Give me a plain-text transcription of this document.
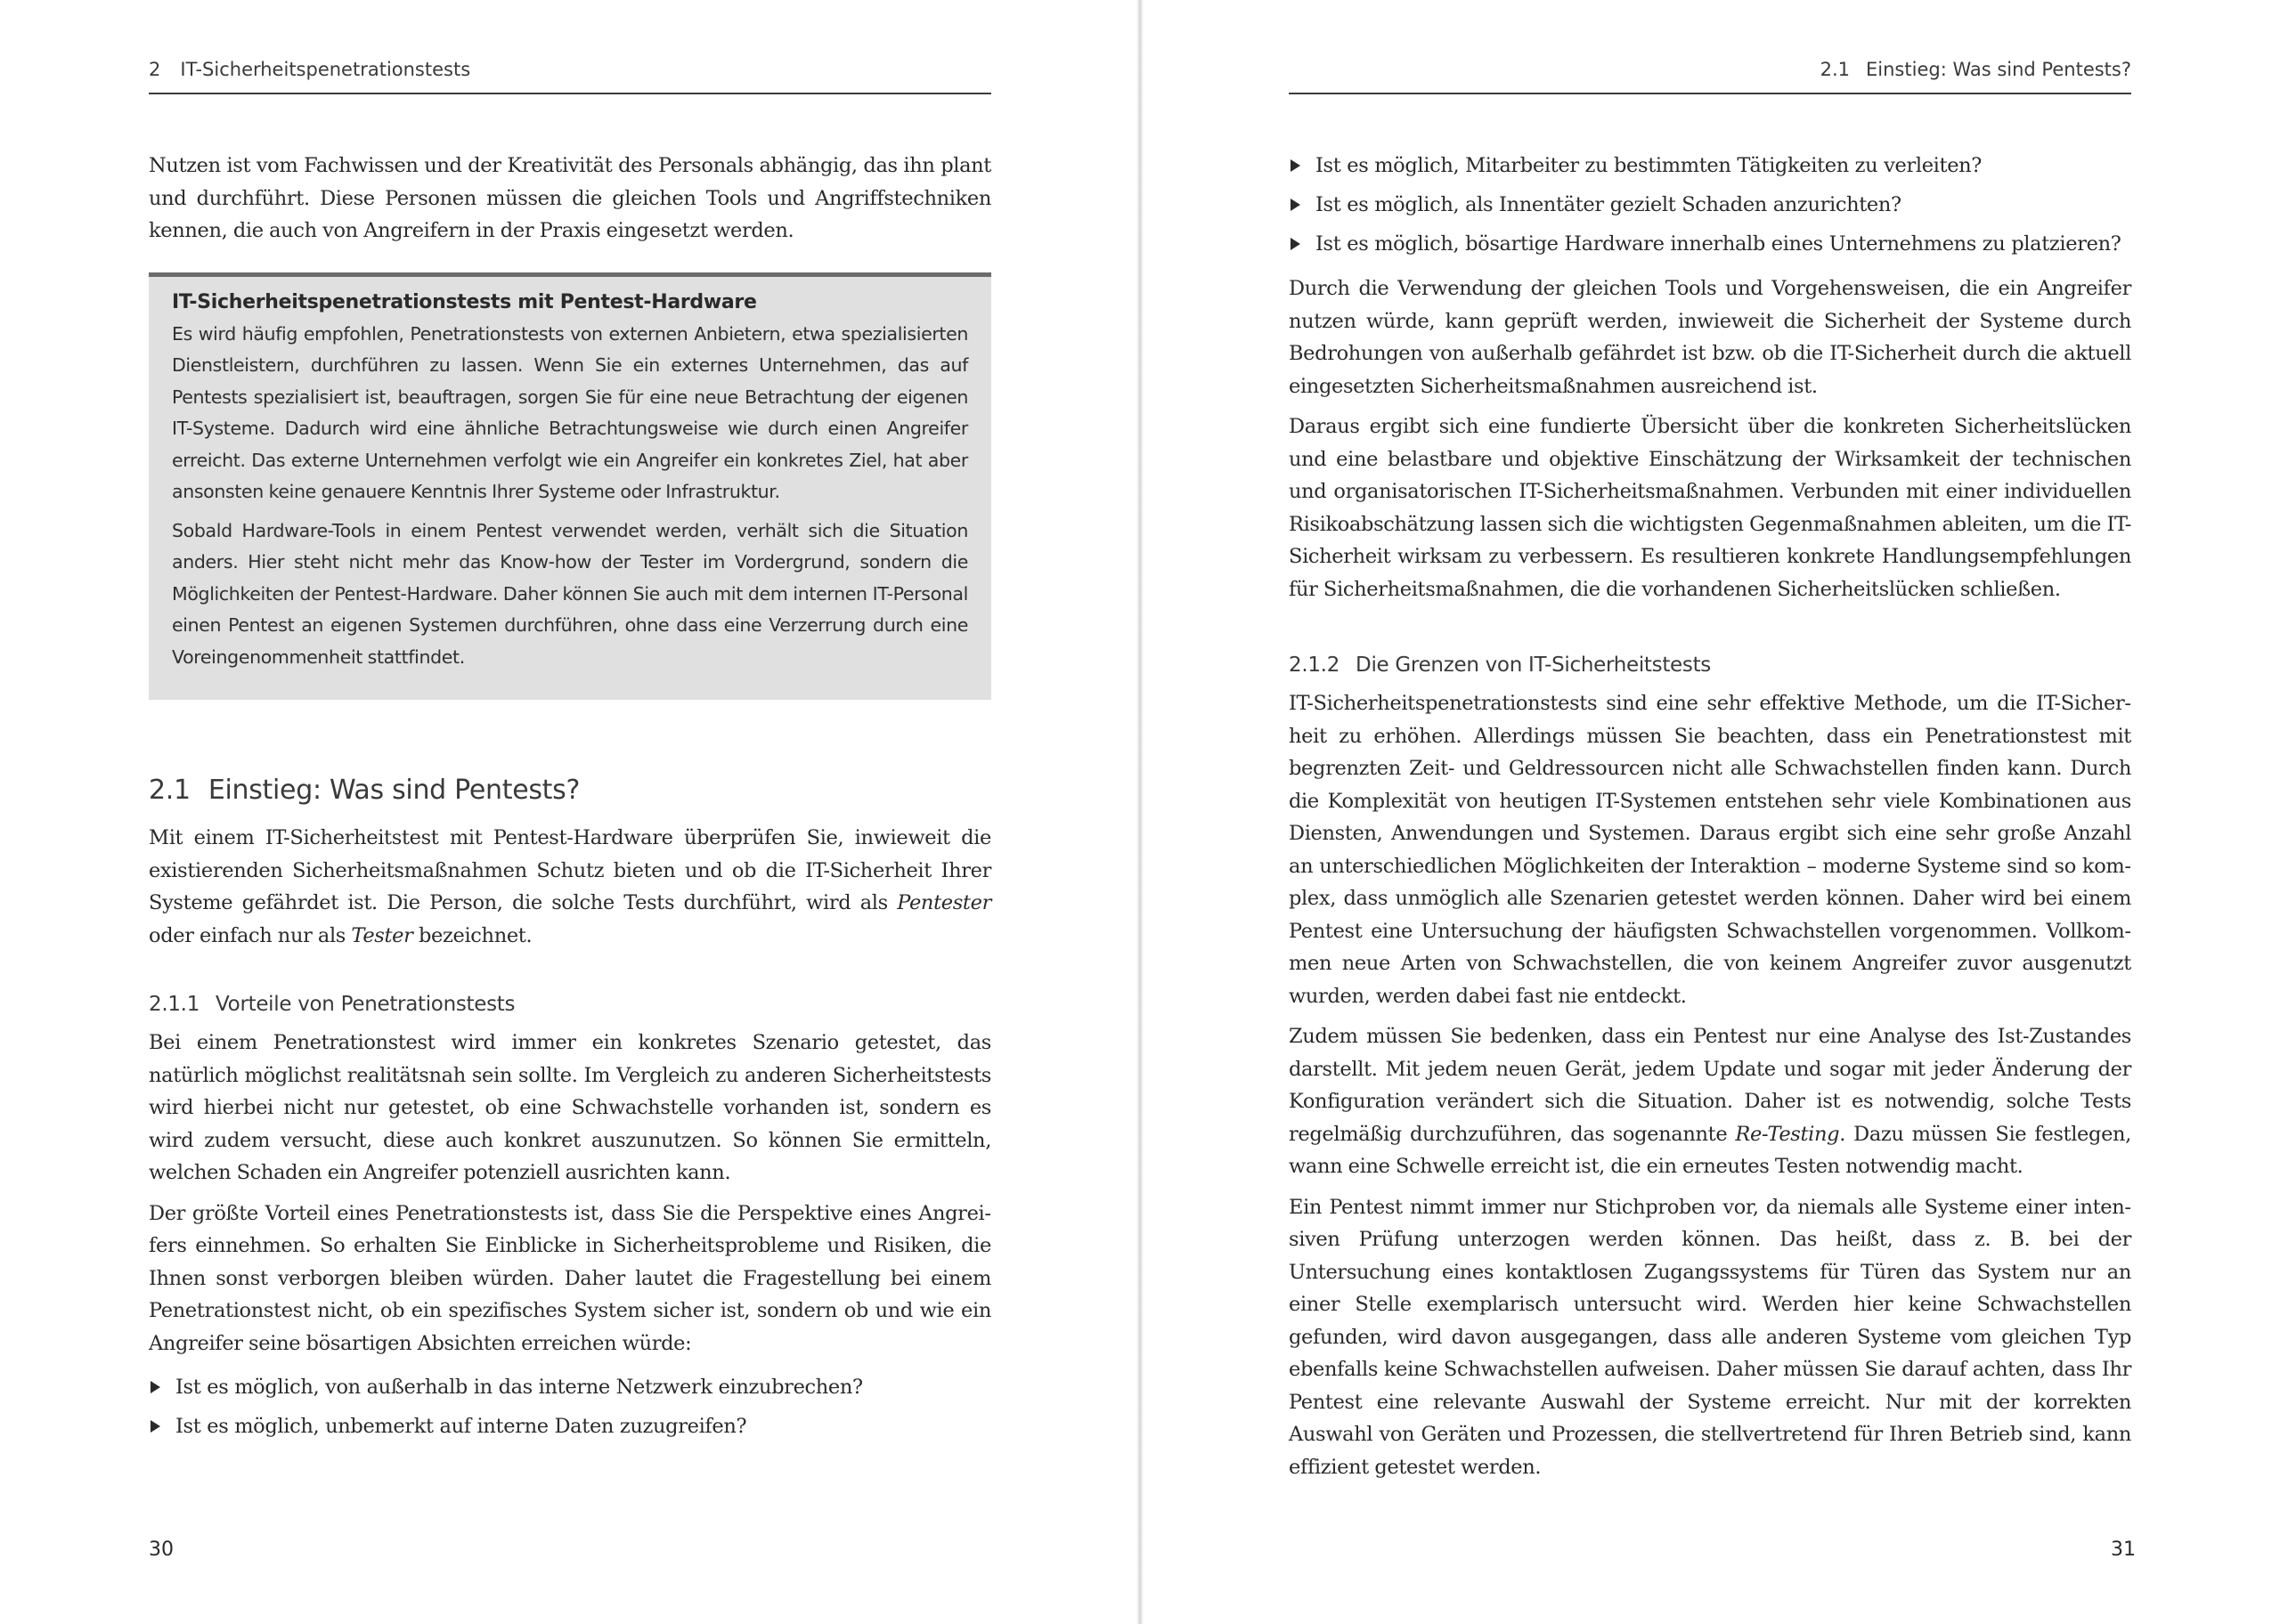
2 IT-Sicherheitspenetrationstests

Nutzen ist vom Fachwissen und der Kreativität des Personals abhängig, das ihn plant und durchführt. Diese Personen müssen die gleichen Tools und Angriffstechniken kennen, die auch von Angreifern in der Praxis eingesetzt werden.

IT-Sicherheitspenetrationstests mit Pentest-Hardware

Es wird häufig empfohlen, Penetrationstests von externen Anbietern, etwa spezialisierten Dienstleistern, durchführen zu lassen. Wenn Sie ein externes Unternehmen, das auf Pentests spezialisiert ist, beauftragen, sorgen Sie für eine neue Betrachtung der eigenen IT-Systeme. Dadurch wird eine ähnliche Betrachtungsweise wie durch einen Angreifer erreicht. Das externe Unternehmen verfolgt wie ein Angreifer ein konkretes Ziel, hat aber ansonsten keine genauere Kenntnis Ihrer Systeme oder Infrastruktur.

Sobald Hardware-Tools in einem Pentest verwendet werden, verhält sich die Situation anders. Hier steht nicht mehr das Know-how der Tester im Vordergrund, sondern die Möglichkeiten der Pentest-Hardware. Daher können Sie auch mit dem internen IT-Personal einen Pentest an eigenen Systemen durchführen, ohne dass eine Verzerrung durch eine Voreingenommenheit stattfindet.

2.1 Einstieg: Was sind Pentests?

Mit einem IT-Sicherheitstest mit Pentest-Hardware überprüfen Sie, inwieweit die existierenden Sicherheitsmaßnahmen Schutz bieten und ob die IT-Sicherheit Ihrer Systeme gefährdet ist. Die Person, die solche Tests durchführt, wird als Pentester oder einfach nur als Tester bezeichnet.

2.1.1 Vorteile von Penetrationstests

Bei einem Penetrationstest wird immer ein konkretes Szenario getestet, das natürlich möglichst realitätsnah sein sollte. Im Vergleich zu anderen Sicherheitstests wird hierbei nicht nur getestet, ob eine Schwachstelle vorhanden ist, sondern es wird zudem versucht, diese auch konkret auszunutzen. So können Sie ermitteln, welchen Schaden ein Angreifer potenziell ausrichten kann.

Der größte Vorteil eines Penetrationstests ist, dass Sie die Perspektive eines Angreifers einnehmen. So erhalten Sie Einblicke in Sicherheitsprobleme und Risiken, die Ihnen sonst verborgen bleiben würden. Daher lautet die Fragestellung bei einem Penetrationstest nicht, ob ein spezifisches System sicher ist, sondern ob und wie ein Angreifer seine bösartigen Absichten erreichen würde:

Ist es möglich, von außerhalb in das interne Netzwerk einzubrechen?
Ist es möglich, unbemerkt auf interne Daten zuzugreifen?
30
2.1 Einstieg: Was sind Pentests?
Ist es möglich, Mitarbeiter zu bestimmten Tätigkeiten zu verleiten?
Ist es möglich, als Innentäter gezielt Schaden anzurichten?
Ist es möglich, bösartige Hardware innerhalb eines Unternehmens zu platzieren?

Durch die Verwendung der gleichen Tools und Vorgehensweisen, die ein Angreifer nutzen würde, kann geprüft werden, inwieweit die Sicherheit der Systeme durch Bedrohungen von außerhalb gefährdet ist bzw. ob die IT-Sicherheit durch die aktuell eingesetzten Sicherheitsmaßnahmen ausreichend ist.

Daraus ergibt sich eine fundierte Übersicht über die konkreten Sicherheitslücken und eine belastbare und objektive Einschätzung der Wirksamkeit der technischen und organisatorischen IT-Sicherheitsmaßnahmen. Verbunden mit einer individuellen Risikoabschätzung lassen sich die wichtigsten Gegenmaßnahmen ableiten, um die IT-Sicherheit wirksam zu verbessern. Es resultieren konkrete Handlungsempfehlungen für Sicherheitsmaßnahmen, die die vorhandenen Sicherheitslücken schließen.

2.1.2 Die Grenzen von IT-Sicherheitstests

IT-Sicherheitspenetrationstests sind eine sehr effektive Methode, um die IT-Sicherheit zu erhöhen. Allerdings müssen Sie beachten, dass ein Penetrationstest mit begrenzten Zeit- und Geldressourcen nicht alle Schwachstellen finden kann. Durch die Komplexität von heutigen IT-Systemen entstehen sehr viele Kombinationen aus Diensten, Anwendungen und Systemen. Daraus ergibt sich eine sehr große Anzahl an unterschiedlichen Möglichkeiten der Interaktion – moderne Systeme sind so komplex, dass unmöglich alle Szenarien getestet werden können. Daher wird bei einem Pentest eine Untersuchung der häufigsten Schwachstellen vorgenommen. Vollkommen neue Arten von Schwachstellen, die von keinem Angreifer zuvor ausgenutzt wurden, werden dabei fast nie entdeckt.

Zudem müssen Sie bedenken, dass ein Pentest nur eine Analyse des Ist-Zustandes darstellt. Mit jedem neuen Gerät, jedem Update und sogar mit jeder Änderung der Konfiguration verändert sich die Situation. Daher ist es notwendig, solche Tests regelmäßig durchzuführen, das sogenannte Re-Testing. Dazu müssen Sie festlegen, wann eine Schwelle erreicht ist, die ein erneutes Testen notwendig macht.

Ein Pentest nimmt immer nur Stichproben vor, da niemals alle Systeme einer intensiven Prüfung unterzogen werden können. Das heißt, dass z. B. bei der Untersuchung eines kontaktlosen Zugangssystems für Türen das System nur an einer Stelle exemplarisch untersucht wird. Werden hier keine Schwachstellen gefunden, wird davon ausgegangen, dass alle anderen Systeme vom gleichen Typ ebenfalls keine Schwachstellen aufweisen. Daher müssen Sie darauf achten, dass Ihr Pentest eine relevante Auswahl der Systeme erreicht. Nur mit der korrekten Auswahl von Geräten und Prozessen, die stellvertretend für Ihren Betrieb sind, kann effizient getestet werden.

31
